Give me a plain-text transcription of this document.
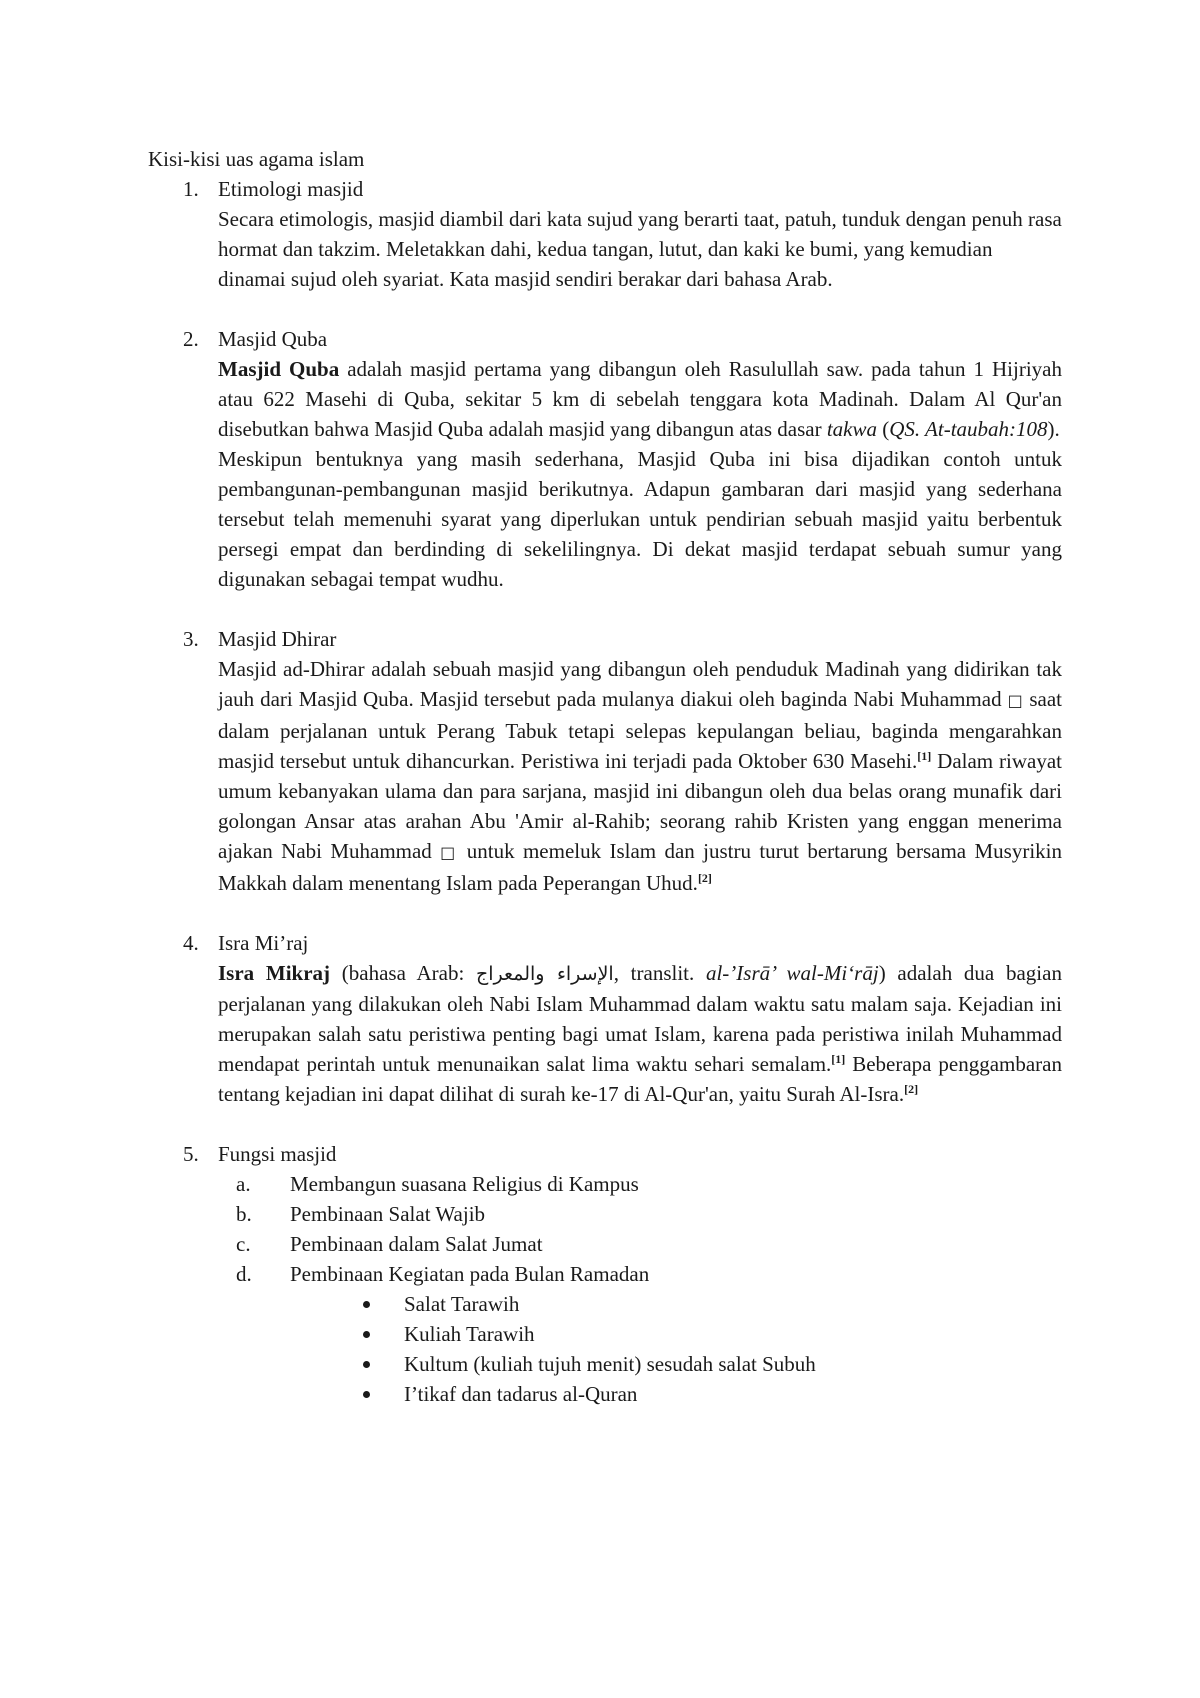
Kisi-kisi uas agama islam
1. Etimologi masjid

Secara etimologis, masjid diambil dari kata sujud yang berarti taat, patuh, tunduk dengan penuh rasa hormat dan takzim. Meletakkan dahi, kedua tangan, lutut, dan kaki ke bumi, yang kemudian dinamai sujud oleh syariat. Kata masjid sendiri berakar dari bahasa Arab.

2. Masjid Quba

Masjid Quba adalah masjid pertama yang dibangun oleh Rasulullah saw. pada tahun 1 Hijriyah atau 622 Masehi di Quba, sekitar 5 km di sebelah tenggara kota Madinah. Dalam Al Qur'an disebutkan bahwa Masjid Quba adalah masjid yang dibangun atas dasar takwa (QS. At-taubah:108).

Meskipun bentuknya yang masih sederhana, Masjid Quba ini bisa dijadikan contoh untuk pembangunan-pembangunan masjid berikutnya. Adapun gambaran dari masjid yang sederhana tersebut telah memenuhi syarat yang diperlukan untuk pendirian sebuah masjid yaitu berbentuk persegi empat dan berdinding di sekelilingnya. Di dekat masjid terdapat sebuah sumur yang digunakan sebagai tempat wudhu.

3. Masjid Dhirar

Masjid ad-Dhirar adalah sebuah masjid yang dibangun oleh penduduk Madinah yang didirikan tak jauh dari Masjid Quba. Masjid tersebut pada mulanya diakui oleh baginda Nabi Muhammad □ saat dalam perjalanan untuk Perang Tabuk tetapi selepas kepulangan beliau, baginda mengarahkan masjid tersebut untuk dihancurkan. Peristiwa ini terjadi pada Oktober 630 Masehi.[1] Dalam riwayat umum kebanyakan ulama dan para sarjana, masjid ini dibangun oleh dua belas orang munafik dari golongan Ansar atas arahan Abu 'Amir al-Rahib; seorang rahib Kristen yang enggan menerima ajakan Nabi Muhammad □ untuk memeluk Islam dan justru turut bertarung bersama Musyrikin Makkah dalam menentang Islam pada Peperangan Uhud.[2]

4. Isra Mi’raj

Isra Mikraj (bahasa Arab: الإسراء والمعراج, translit. al-’Isrā’ wal-Mi‘rāj) adalah dua bagian perjalanan yang dilakukan oleh Nabi Islam Muhammad dalam waktu satu malam saja. Kejadian ini merupakan salah satu peristiwa penting bagi umat Islam, karena pada peristiwa inilah Muhammad mendapat perintah untuk menunaikan salat lima waktu sehari semalam.[1] Beberapa penggambaran tentang kejadian ini dapat dilihat di surah ke-17 di Al-Qur'an, yaitu Surah Al-Isra.[2]

5. Fungsi masjid
a. Membangun suasana Religius di Kampus
b. Pembinaan Salat Wajib
c. Pembinaan dalam Salat Jumat
d. Pembinaan Kegiatan pada Bulan Ramadan
Salat Tarawih
Kuliah Tarawih
Kultum (kuliah tujuh menit) sesudah salat Subuh
I’tikaf dan tadarus al-Quran
